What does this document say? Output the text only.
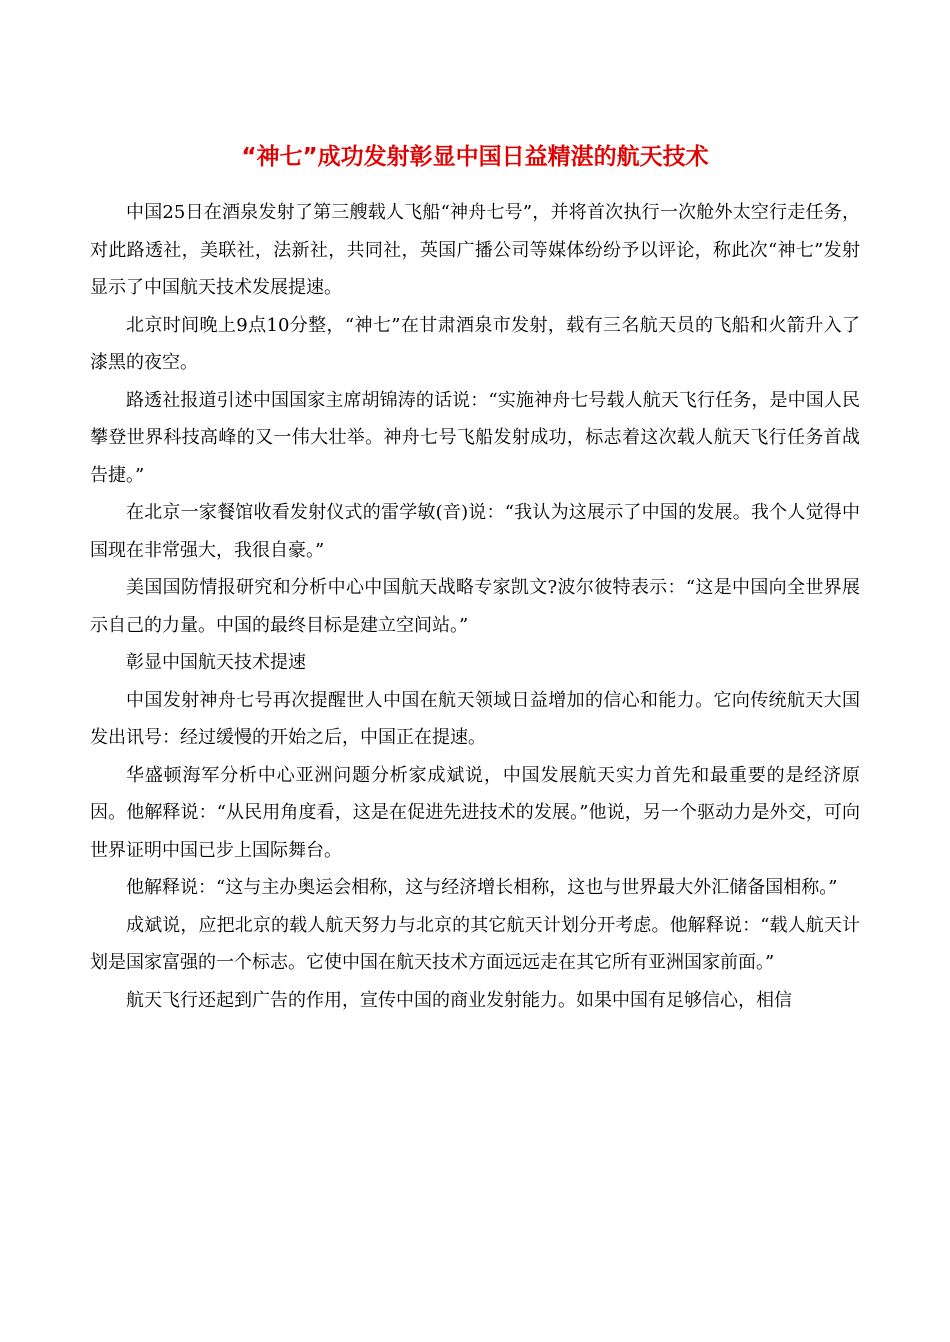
“神七”成功发射彰显中国日益精湛的航天技术

中国25日在酒泉发射了第三艘载人飞船“神舟七号”，并将首次执行一次舱外太空行走任务，对此路透社，美联社，法新社，共同社，英国广播公司等媒体纷纷予以评论，称此次“神七”发射显示了中国航天技术发展提速。

北京时间晚上9点10分整，“神七”在甘肃酒泉市发射，载有三名航天员的飞船和火箭升入了漆黑的夜空。

路透社报道引述中国国家主席胡锦涛的话说：“实施神舟七号载人航天飞行任务，是中国人民攀登世界科技高峰的又一伟大壮举。神舟七号飞船发射成功，标志着这次载人航天飞行任务首战告捷。”

在北京一家餐馆收看发射仪式的雷学敏(音)说：“我认为这展示了中国的发展。我个人觉得中国现在非常强大，我很自豪。”

美国国防情报研究和分析中心中国航天战略专家凯文?波尔彼特表示：“这是中国向全世界展示自己的力量。中国的最终目标是建立空间站。”

彰显中国航天技术提速

中国发射神舟七号再次提醒世人中国在航天领域日益增加的信心和能力。它向传统航天大国发出讯号：经过缓慢的开始之后，中国正在提速。

华盛顿海军分析中心亚洲问题分析家成斌说，中国发展航天实力首先和最重要的是经济原因。他解释说：“从民用角度看，这是在促进先进技术的发展。”他说，另一个驱动力是外交，可向世界证明中国已步上国际舞台。

他解释说：“这与主办奥运会相称，这与经济增长相称，这也与世界最大外汇储备国相称。”

成斌说，应把北京的载人航天努力与北京的其它航天计划分开考虑。他解释说：“载人航天计划是国家富强的一个标志。它使中国在航天技术方面远远走在其它所有亚洲国家前面。”

航天飞行还起到广告的作用，宣传中国的商业发射能力。如果中国有足够信心，相信
